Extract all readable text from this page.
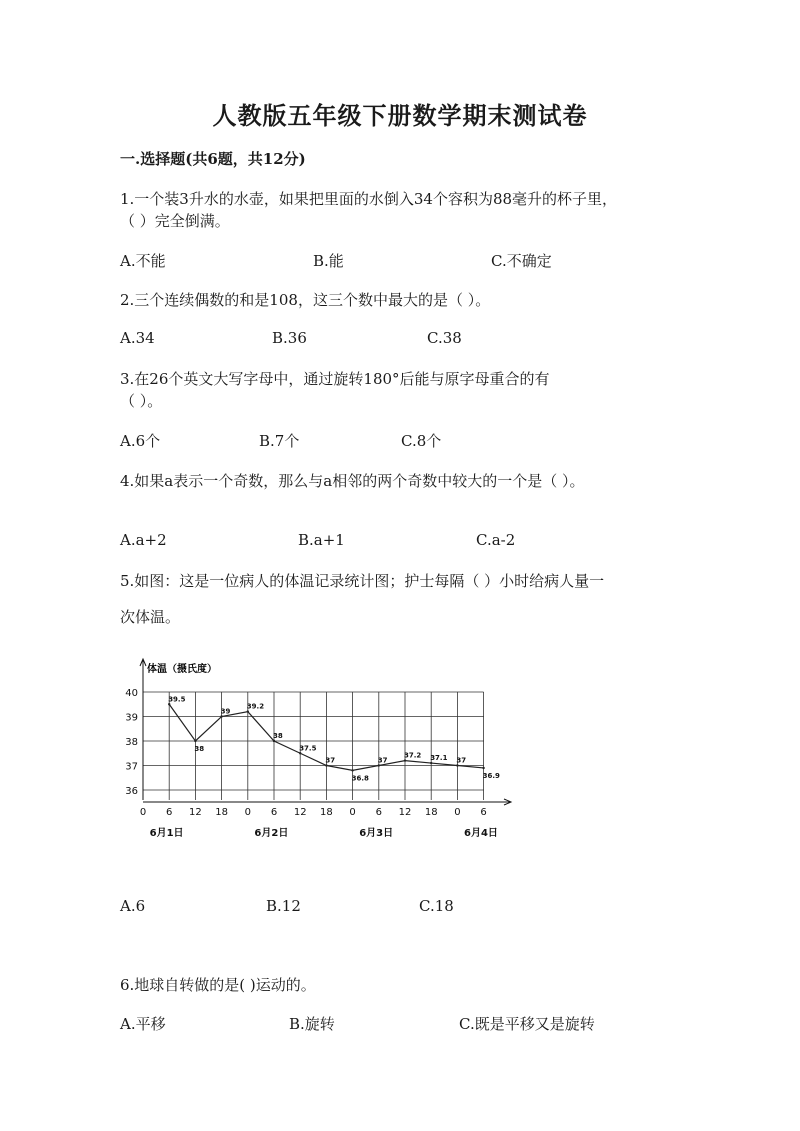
人教版五年级下册数学期末测试卷
一.选择题(共6题，共12分)
1.一个装3升水的水壶，如果把里面的水倒入34个容积为88毫升的杯子里，
（ ）完全倒满。
A.不能	B.能	C.不确定
2.三个连续偶数的和是108，这三个数中最大的是（ ）。
A.34	B.36	C.38
3.在26个英文大写字母中，通过旋转180°后能与原字母重合的有
（ ）。
A.6个	B.7个	C.8个
4.如果a表示一个奇数，那么与a相邻的两个奇数中较大的一个是（ ）。
A.a+2	B.a+1	C.a-2
5.如图：这是一位病人的体温记录统计图；护士每隔（ ）小时给病人量一
次体温。
39.5
38
39
39.2
38
37.5
37
36.8
37
37.2 37.1 37
36.9
40
39
38
37
36
0 6 12 18 0 6 12 18 0 6 12 18 0 6
6月1日	6月2日	6月3日	6月4日
体温（摄氏度）
A.6	B.12	C.18
6.地球自转做的是( )运动的。
A.平移	B.旋转	C.既是平移又是旋转
